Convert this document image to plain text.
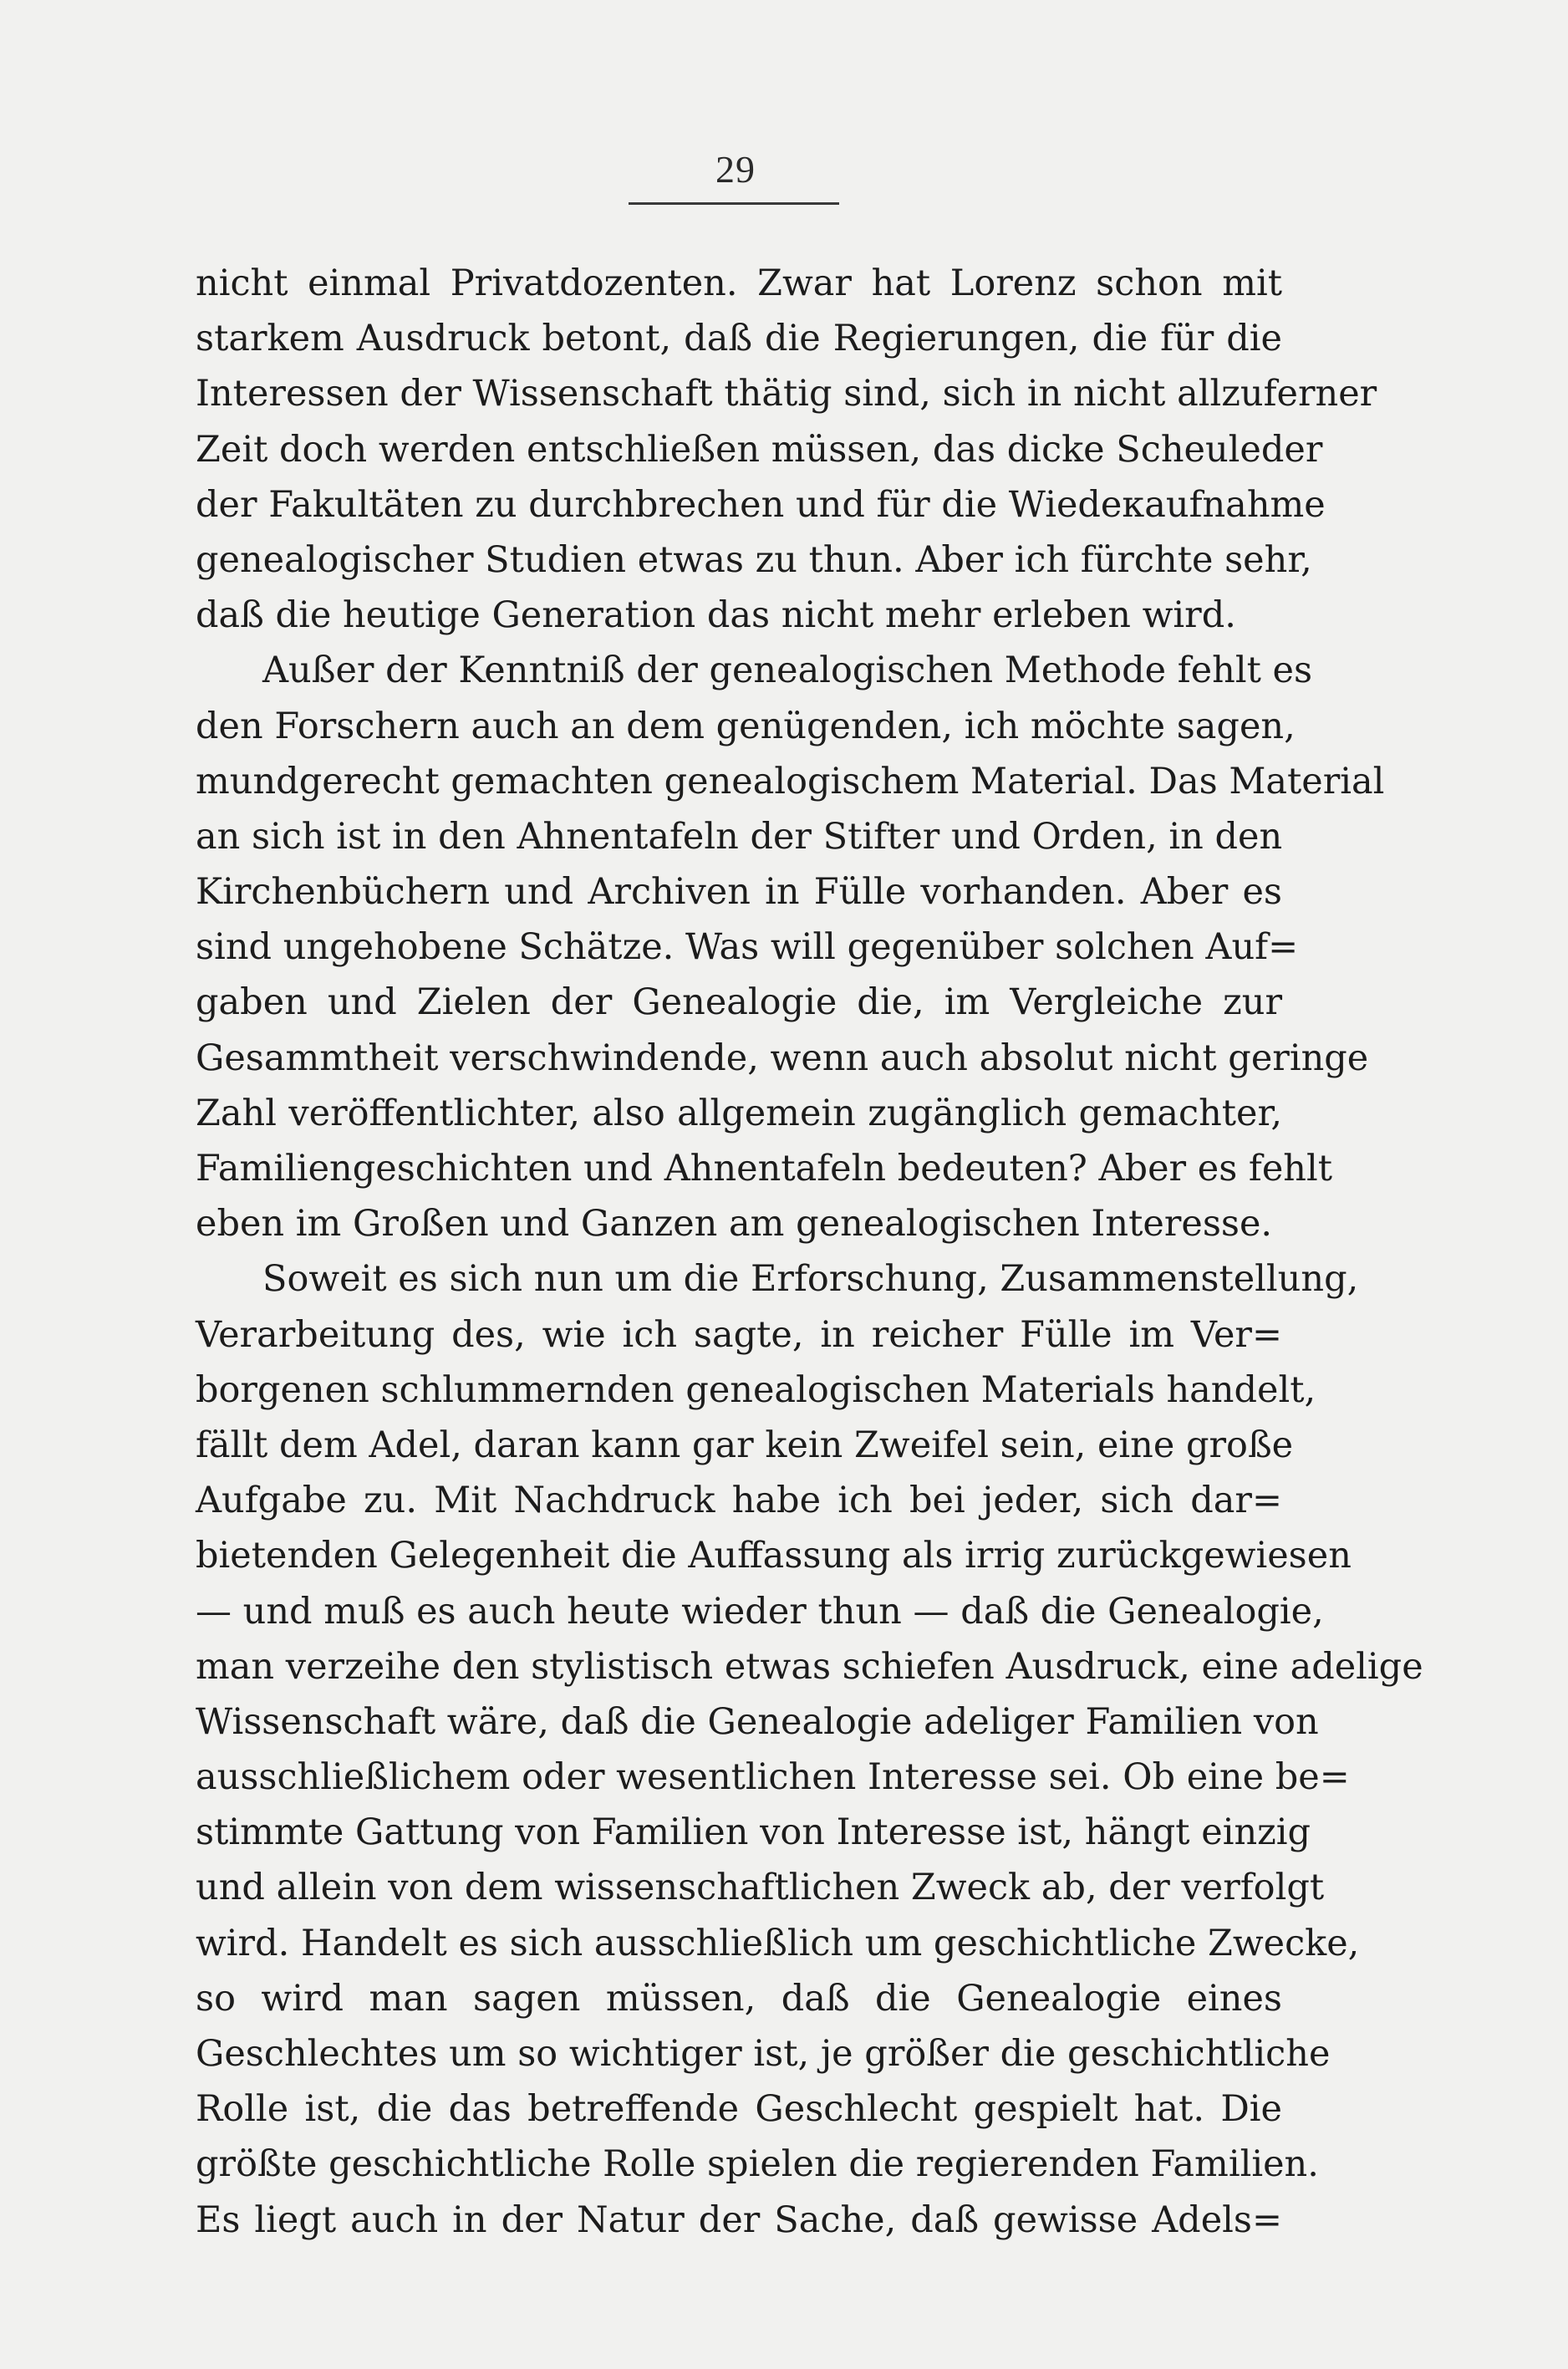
29
nicht einmal Privatdozenten. Zwar hat Lorenz schon mit
starkem Ausdruck betont, daß die Regierungen, die für die
Interessen der Wissenschaft thätig sind, sich in nicht allzuferner
Zeit doch werden entschließen müssen, das dicke Scheuleder
der Fakultäten zu durchbrechen und für die Wiedeкaufnahme
genealogischer Studien etwas zu thun. Aber ich fürchte sehr,
daß die heutige Generation das nicht mehr erleben wird.
Außer der Kenntniß der genealogischen Methode fehlt es
den Forschern auch an dem genügenden, ich möchte sagen,
mundgerecht gemachten genealogischem Material. Das Material
an sich ist in den Ahnentafeln der Stifter und Orden, in den
Kirchenbüchern und Archiven in Fülle vorhanden. Aber es
sind ungehobene Schätze. Was will gegenüber solchen Auf=
gaben und Zielen der Genealogie die, im Vergleiche zur
Gesammtheit verschwindende, wenn auch absolut nicht geringe
Zahl veröffentlichter, also allgemein zugänglich gemachter,
Familiengeschichten und Ahnentafeln bedeuten? Aber es fehlt
eben im Großen und Ganzen am genealogischen Interesse.
Soweit es sich nun um die Erforschung, Zusammenstellung,
Verarbeitung des, wie ich sagte, in reicher Fülle im Ver=
borgenen schlummernden genealogischen Materials handelt,
fällt dem Adel, daran kann gar kein Zweifel sein, eine große
Aufgabe zu. Mit Nachdruck habe ich bei jeder, sich dar=
bietenden Gelegenheit die Auffassung als irrig zurückgewiesen
— und muß es auch heute wieder thun — daß die Genealogie,
man verzeihe den stylistisch etwas schiefen Ausdruck, eine adelige
Wissenschaft wäre, daß die Genealogie adeliger Familien von
ausschließlichem oder wesentlichen Interesse sei. Ob eine be=
stimmte Gattung von Familien von Interesse ist, hängt einzig
und allein von dem wissenschaftlichen Zweck ab, der verfolgt
wird. Handelt es sich ausschließlich um geschichtliche Zwecke,
so wird man sagen müssen, daß die Genealogie eines
Geschlechtes um so wichtiger ist, je größer die geschichtliche
Rolle ist, die das betreffende Geschlecht gespielt hat. Die
größte geschichtliche Rolle spielen die regierenden Familien.
Es liegt auch in der Natur der Sache, daß gewisse Adels=
